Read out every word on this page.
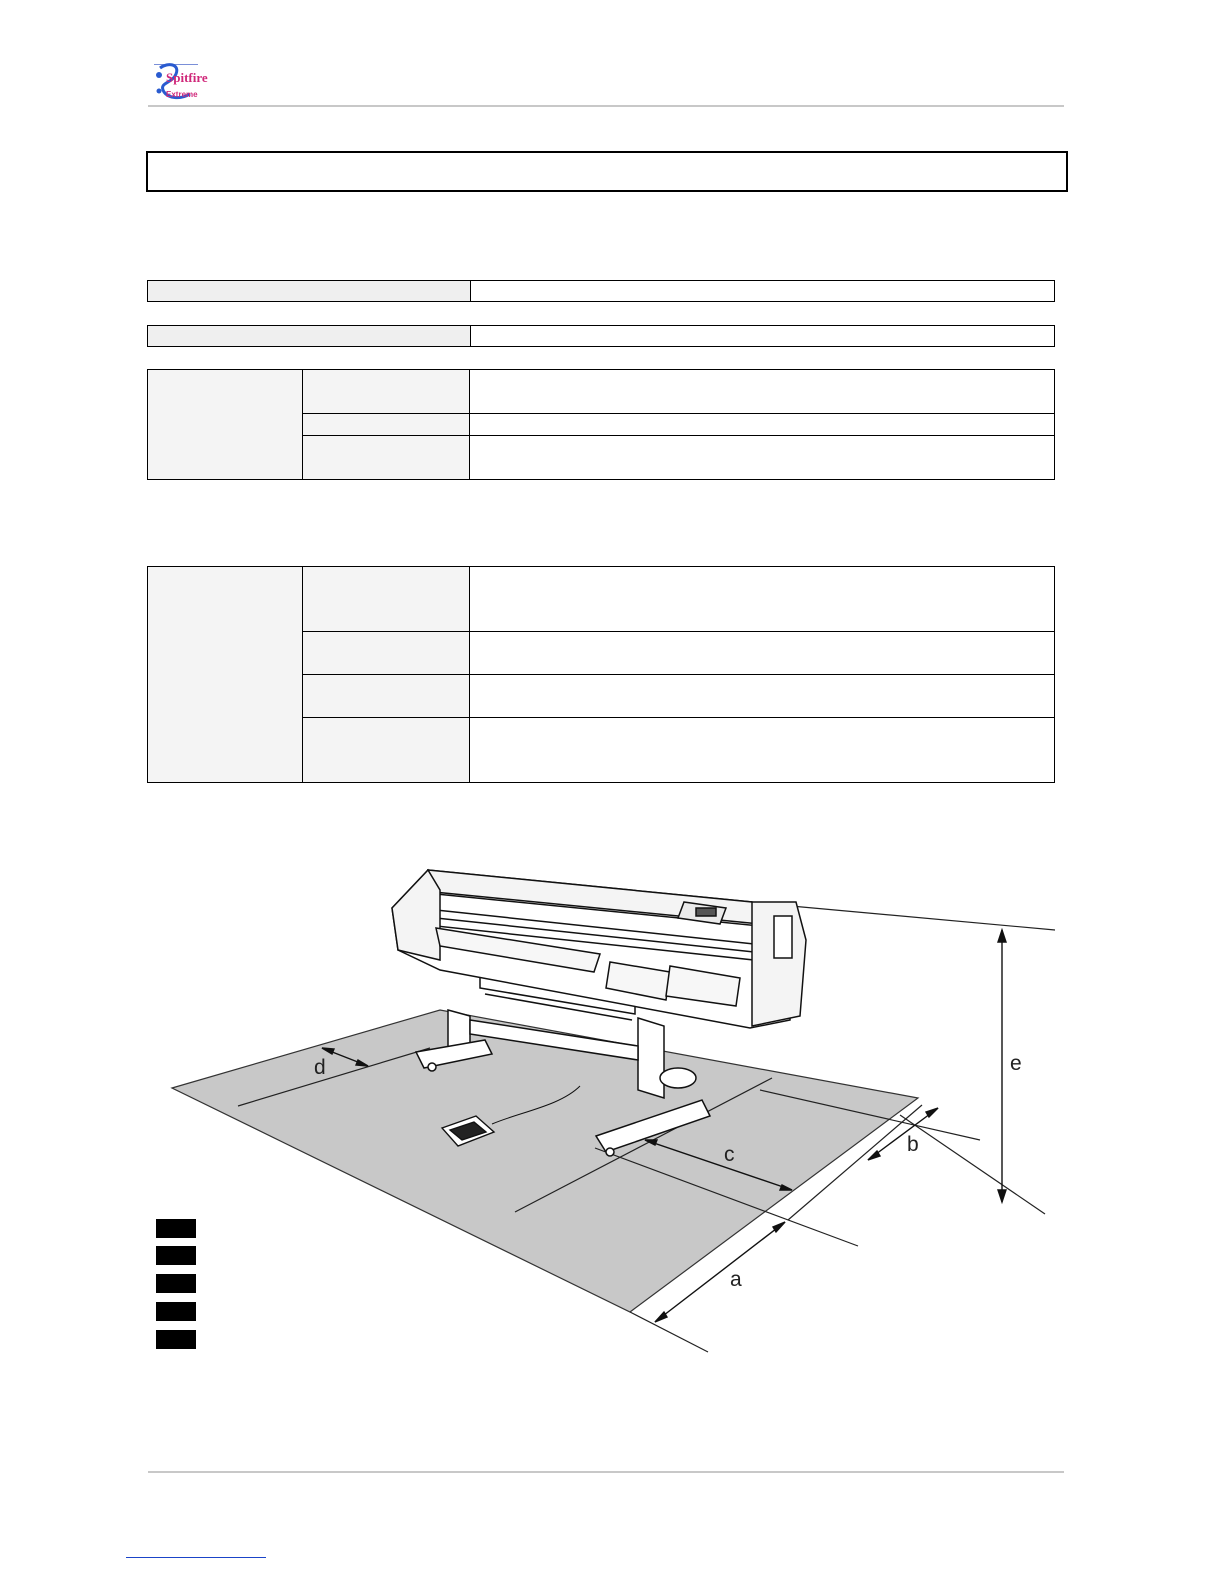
Spitfire
Extreme

a
b
c
d	e
